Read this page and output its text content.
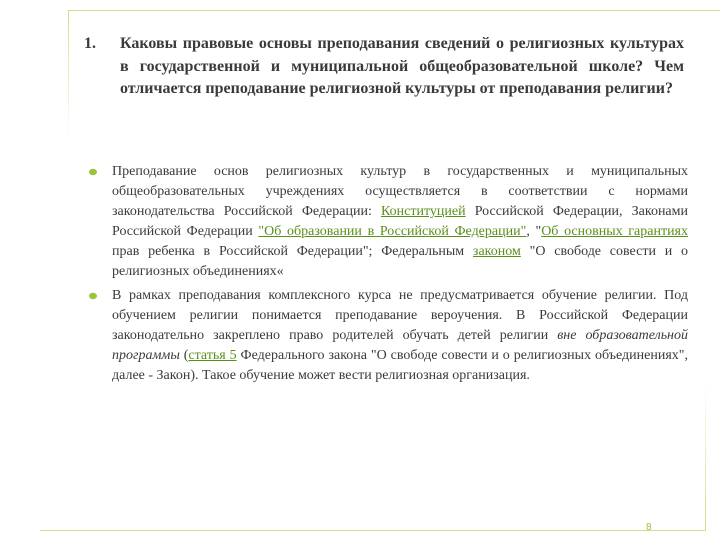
1.	Каковы правовые основы преподавания сведений о религиозных культурах в государственной и муниципальной общеобразовательной школе? Чем отличается преподавание религиозной культуры от преподавания религии?
Преподавание основ религиозных культур в государственных и муниципальных общеобразовательных учреждениях осуществляется в соответствии с нормами законодательства Российской Федерации: Конституцией Российской Федерации, Законами Российской Федерации "Об образовании в Российской Федерации", "Об основных гарантиях прав ребенка в Российской Федерации"; Федеральным законом "О свободе совести и о религиозных объединениях«
В рамках преподавания комплексного курса не предусматривается обучение религии. Под обучением религии понимается преподавание вероучения. В Российской Федерации законодательно закреплено право родителей обучать детей религии вне образовательной программы (статья 5 Федерального закона "О свободе совести и о религиозных объединениях", далее - Закон). Такое обучение может вести религиозная организация.
8
